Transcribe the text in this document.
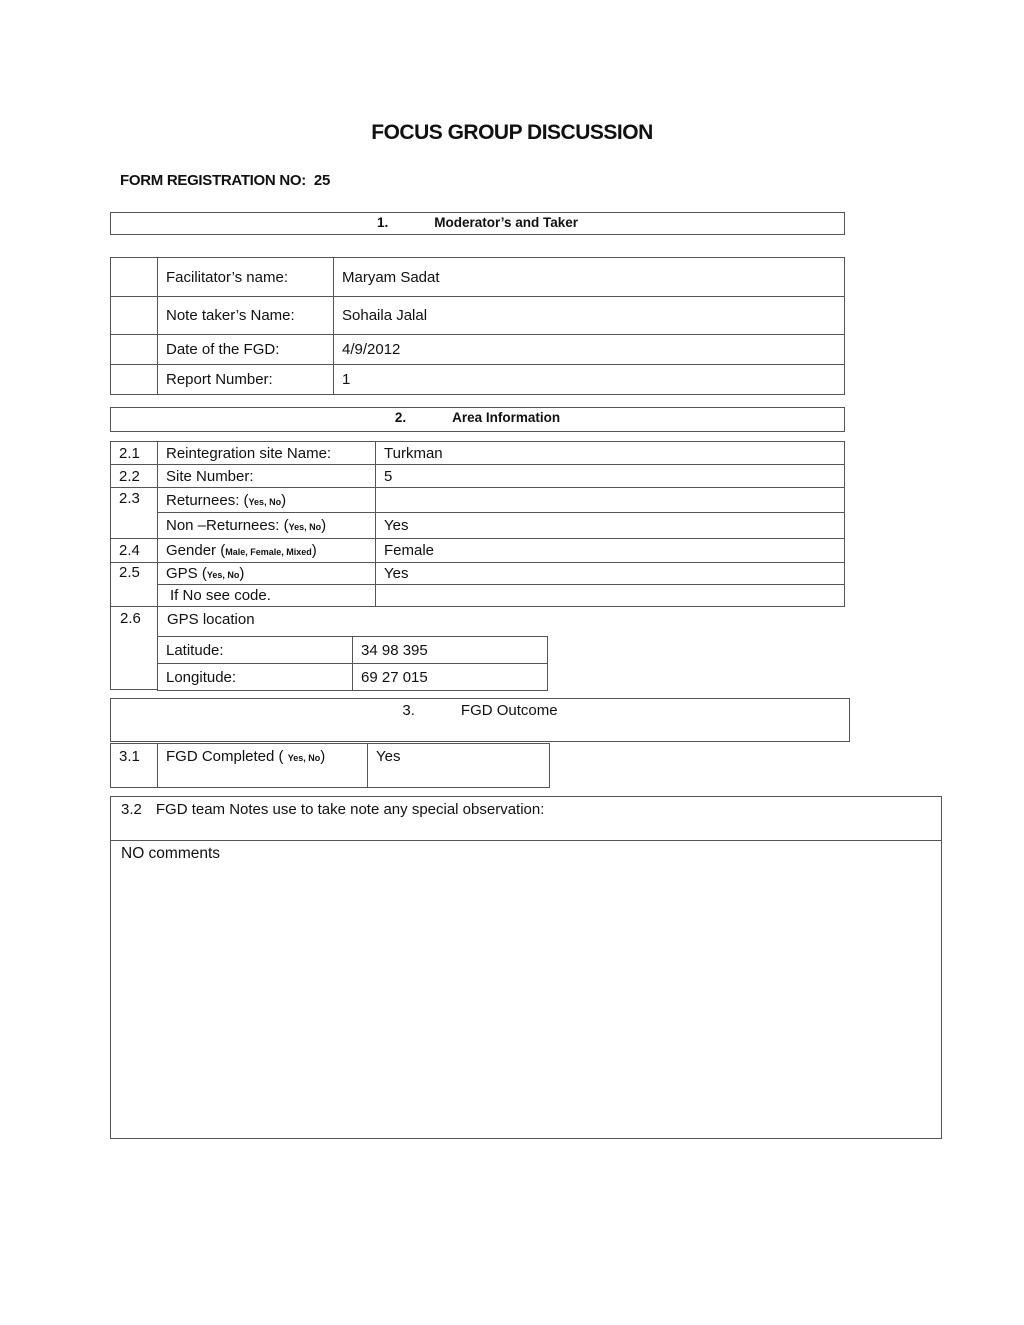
FOCUS GROUP DISCUSSION
FORM REGISTRATION NO: 25
1.	Moderator’s and Taker
	Facilitator’s name:	Maryam Sadat
	Note taker’s Name:	Sohaila Jalal
	Date of the FGD:	4/9/2012
	Report Number:	1
2.	Area Information
2.1	Reintegration site Name:	Turkman
2.2	Site Number:	5
2.3	Returnees: (Yes, No)	
	Non –Returnees: (Yes, No)	Yes
2.4	Gender (Male, Female, Mixed)	Female
2.5	GPS (Yes, No)	Yes
	If No see code.	
2.6	GPS location
Latitude:	34 98 395
Longitude:	69 27 015
3.	FGD Outcome
3.1	FGD Completed ( Yes, No)	Yes
3.2 FGD team Notes use to take note any special observation:
NO comments
